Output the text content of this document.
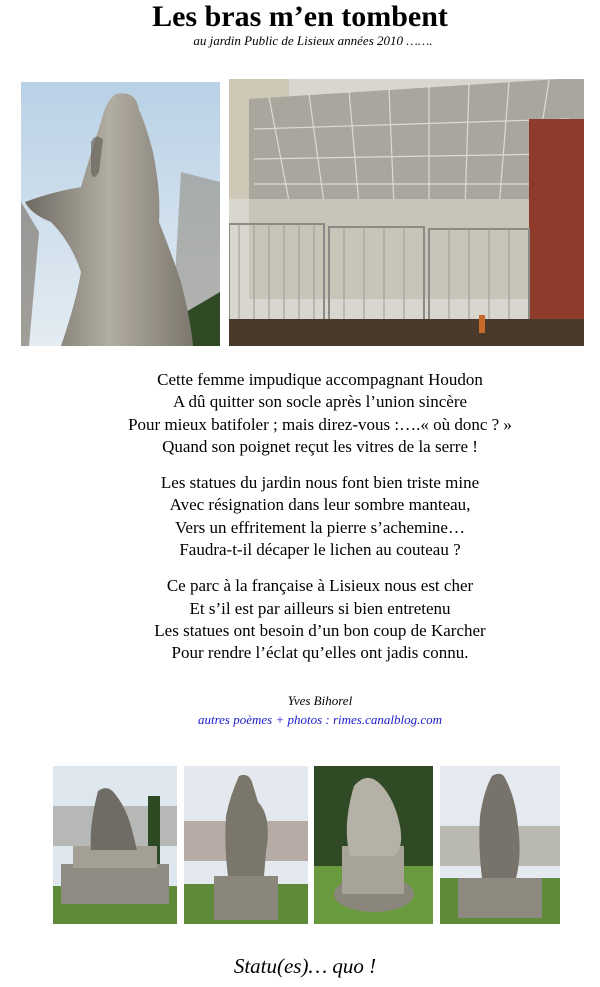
Les bras m’en tombent
au jardin Public de Lisieux années 2010 …….
Cette femme impudique accompagnant Houdon
A dû quitter son socle après l’union sincère
Pour mieux batifoler ; mais direz-vous :….« où donc ? »
Quand son poignet reçut les vitres de la serre !
Les statues du jardin nous font bien triste mine
Avec résignation dans leur sombre manteau,
Vers un effritement la pierre s’achemine…
Faudra-t-il décaper le lichen au couteau ?
Ce parc à la française à Lisieux nous est cher
Et s’il est par ailleurs si bien entretenu
Les statues ont besoin d’un bon coup de Karcher
Pour rendre l’éclat qu’elles ont jadis connu.
Yves Bihorel
autres poèmes + photos : rimes.canalblog.com
Statu(es)… quo !
